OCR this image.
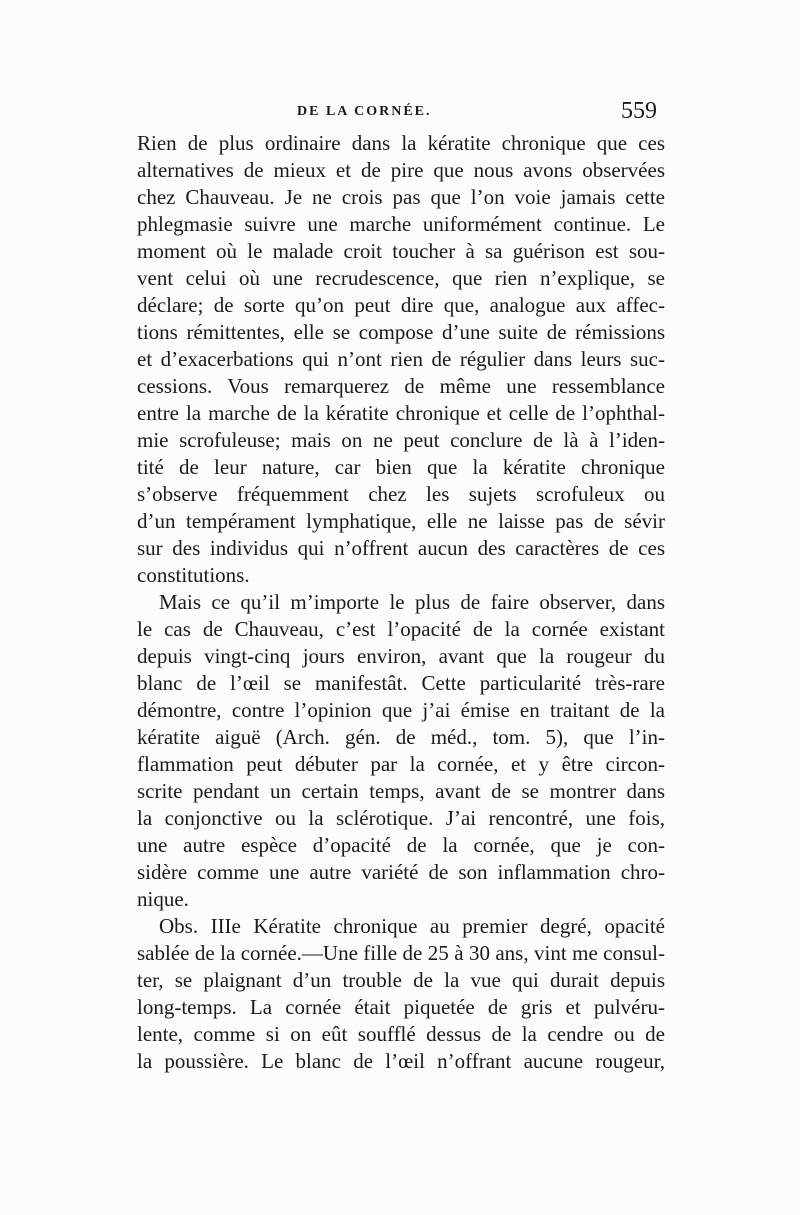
DE LA CORNÉE.	559
Rien de plus ordinaire dans la kératite chronique que ces
alternatives de mieux et de pire que nous avons observées
chez Chauveau. Je ne crois pas que l’on voie jamais cette
phlegmasie suivre une marche uniformément continue. Le
moment où le malade croit toucher à sa guérison est sou-
vent celui où une recrudescence, que rien n’explique, se
déclare; de sorte qu’on peut dire que, analogue aux affec-
tions rémittentes, elle se compose d’une suite de rémissions
et d’exacerbations qui n’ont rien de régulier dans leurs suc-
cessions. Vous remarquerez de même une ressemblance
entre la marche de la kératite chronique et celle de l’ophthal-
mie scrofuleuse; mais on ne peut conclure de là à l’iden-
tité de leur nature, car bien que la kératite chronique
s’observe fréquemment chez les sujets scrofuleux ou
d’un tempérament lymphatique, elle ne laisse pas de sévir
sur des individus qui n’offrent aucun des caractères de ces
constitutions.
Mais ce qu’il m’importe le plus de faire observer, dans
le cas de Chauveau, c’est l’opacité de la cornée existant
depuis vingt-cinq jours environ, avant que la rougeur du
blanc de l’œil se manifestât. Cette particularité très-rare
démontre, contre l’opinion que j’ai émise en traitant de la
kératite aiguë (Arch. gén. de méd., tom. 5), que l’in-
flammation peut débuter par la cornée, et y être circon-
scrite pendant un certain temps, avant de se montrer dans
la conjonctive ou la sclérotique. J’ai rencontré, une fois,
une autre espèce d’opacité de la cornée, que je con-
sidère comme une autre variété de son inflammation chro-
nique.
Obs. IIIe Kératite chronique au premier degré, opacité
sablée de la cornée.—Une fille de 25 à 30 ans, vint me consul-
ter, se plaignant d’un trouble de la vue qui durait depuis
long-temps. La cornée était piquetée de gris et pulvéru-
lente, comme si on eût soufflé dessus de la cendre ou de
la poussière. Le blanc de l’œil n’offrant aucune rougeur,
